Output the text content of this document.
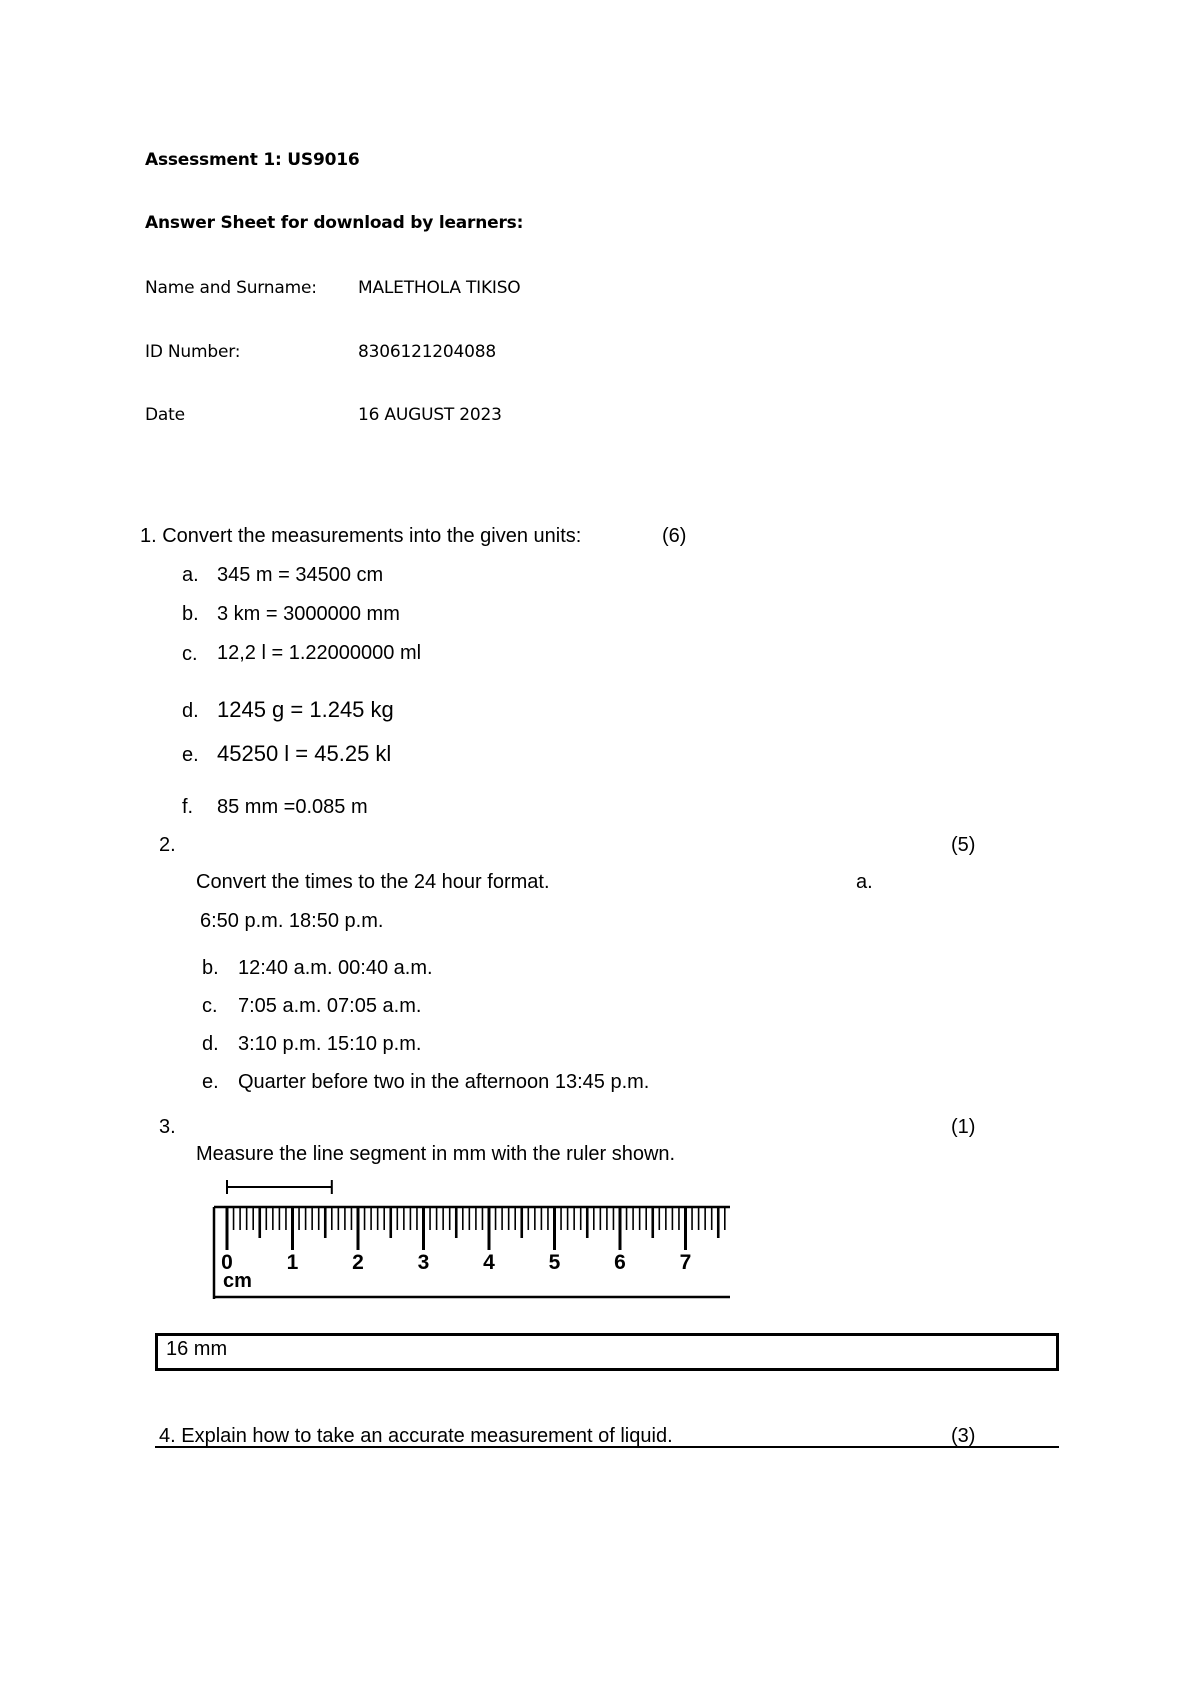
Assessment 1: US9016
Answer Sheet for download by learners:
Name and Surname: MALETHOLA TIKISO
ID Number:	8306121204088
Date	16 AUGUST 2023
1. Convert the measurements into the given units:	(6)
a. 345 m = 34500 cm
b. 3 km = 3000000 mm
c. 12,2 l = 1.22000000 ml
d. 1245 g = 1.245 kg
e. 45250 l = 45.25 kl
f. 85 mm =0.085 m
2.	(5)
Convert the times to the 24 hour format.	a.
6:50 p.m. 18:50 p.m.
b. 12:40 a.m. 00:40 a.m.
c. 7:05 a.m. 07:05 a.m.
d. 3:10 p.m. 15:10 p.m.
e. Quarter before two in the afternoon 13:45 p.m.
3.	(1)
Measure the line segment in mm with the ruler shown.
0	1	2	3	4	5	6	7
cm
16 mm
4. Explain how to take an accurate measurement of liquid.	(3)
